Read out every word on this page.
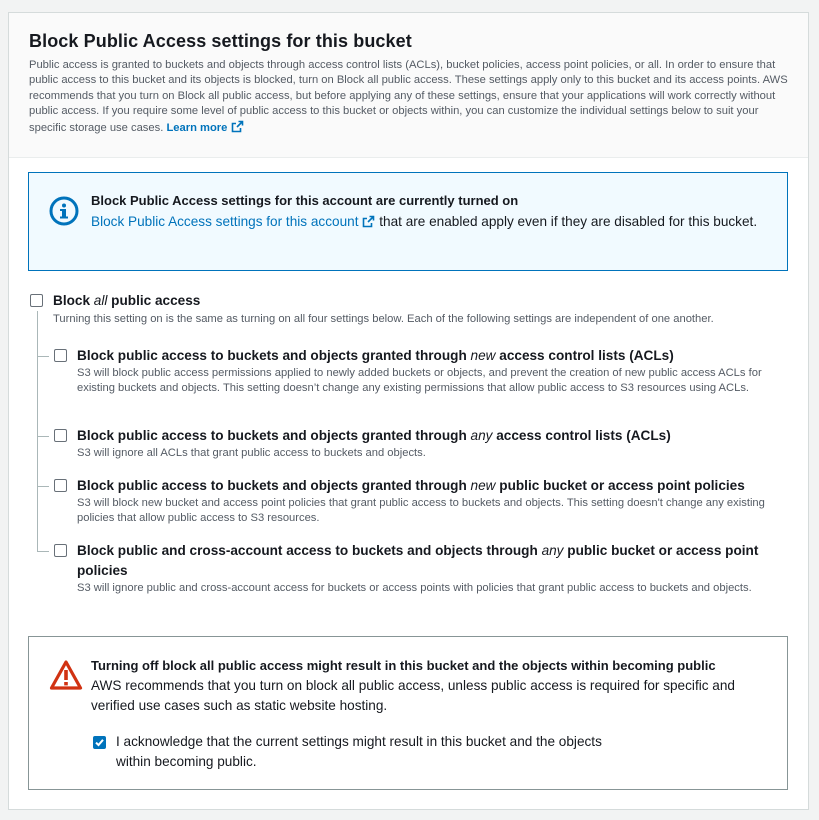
Block Public Access settings for this bucket

Public access is granted to buckets and objects through access control lists (ACLs), bucket policies, access point policies, or all. In order to ensure that public access to this bucket and its objects is blocked, turn on Block all public access. These settings apply only to this bucket and its access points. AWS recommends that you turn on Block all public access, but before applying any of these settings, ensure that your applications will work correctly without public access. If you require some level of public access to this bucket or objects within, you can customize the individual settings below to suit your specific storage use cases. Learn more

Block Public Access settings for this account are currently turned on

Block Public Access settings for this account that are enabled apply even if they are disabled for this bucket.

Block all public access
Turning this setting on is the same as turning on all four settings below. Each of the following settings are independent of one another.
Block public access to buckets and objects granted through new access control lists (ACLs)
S3 will block public access permissions applied to newly added buckets or objects, and prevent the creation of new public access ACLs for existing buckets and objects. This setting doesn’t change any existing permissions that allow public access to S3 resources using ACLs.
Block public access to buckets and objects granted through any access control lists (ACLs)
S3 will ignore all ACLs that grant public access to buckets and objects.
Block public access to buckets and objects granted through new public bucket or access point policies
S3 will block new bucket and access point policies that grant public access to buckets and objects. This setting doesn't change any existing policies that allow public access to S3 resources.
Block public and cross-account access to buckets and objects through any public bucket or access point policies
S3 will ignore public and cross-account access for buckets or access points with policies that grant public access to buckets and objects.
Turning off block all public access might result in this bucket and the objects within becoming public
AWS recommends that you turn on block all public access, unless public access is required for specific and verified use cases such as static website hosting.
I acknowledge that the current settings might result in this bucket and the objects within becoming public.
